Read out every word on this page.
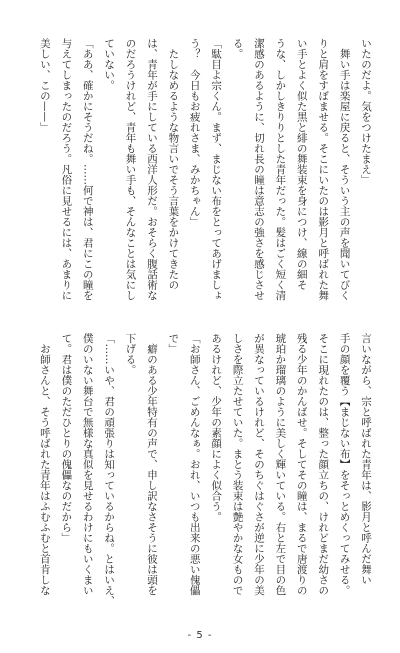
いたのだよ。気をつけたまえ」
　舞い手は楽屋に戻ると、そういう主の声を聞いてびく
りと肩をすぼませる。そこにいたのは影月と呼ばれた舞
い手とよく似た黒と緋の舞装束を身につけ、線の細そ
うな、しかしきりりとした青年だった。髪はごく短く清
潔感のあるように、切れ長の瞳は意志の強さを感じさせ
る。
「駄目よ宗くん。まず、まじない布をとってあげましょ
う？　今日もお疲れさま、みかちゃん」
　たしなめるような物言いでそう言葉をかけてきたの
は、青年が手にしている西洋人形だ。おそらく腹話術な
のだろうけれど、青年も舞い手も、そんなことは気にし
ていない。
「ああ、確かにそうだね。……何で神は、君にこの瞳を
与えてしまったのだろう。凡俗に見せるには、あまりに
美しい、この——」
言いながら、宗と呼ばれた青年は、影月と呼んだ舞い
手の顔を覆う【まじない布】をそっとめくってみせる。
そこに現れたのは、整った顔立ちの、けれどまだ幼さの
残る少年のかんばせ。そしてその瞳は、まるで唐渡りの
琥珀か瑠璃のように美しく輝いている。右と左で目の色
が異なっているけれど、そのちぐはぐさが逆に少年の美
しさを際立たせていた。まとう装束は艶やかな女もので
あるけれど、少年の素顔によく似合う。
「お師さん、ごめんなぁ。おれ、いつも出来の悪い傀儡
で」
　癖のある少年特有の声で、申し訳なさそうに彼は頭を
下げる。
「……いや、君の頑張りは知っているからね。とはいえ、
僕のいない舞台で無様な真似を見せるわけにもいくまい
て。君は僕のただひとりの傀儡なのだから」
　お師さんと、そう呼ばれた青年はふむふむと首肯しな
- 5 -
